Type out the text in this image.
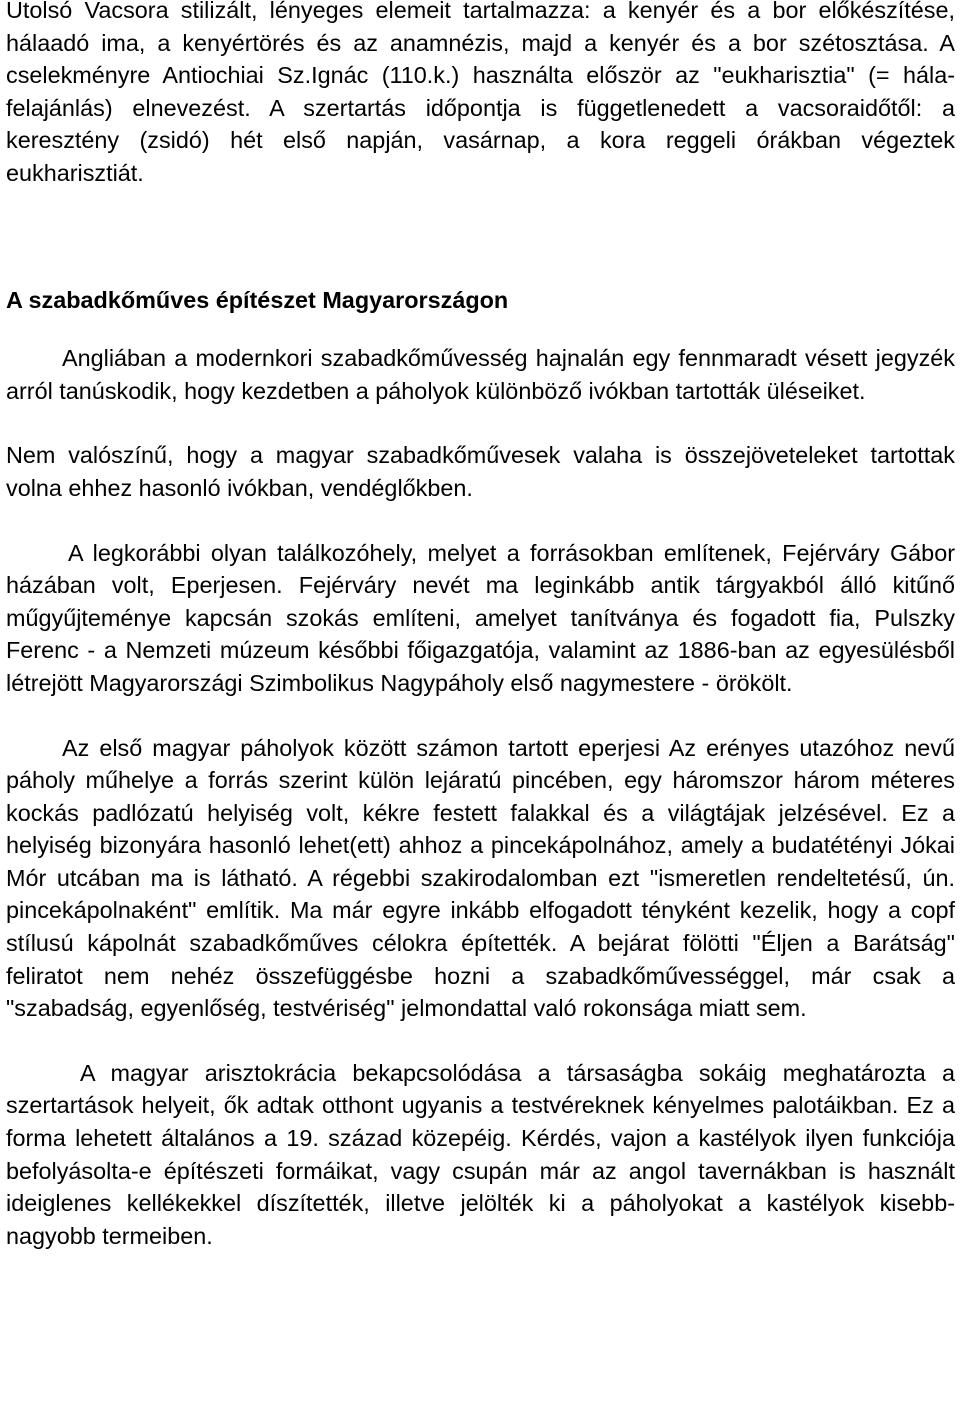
Utolsó Vacsora stilizált, lényeges elemeit tartalmazza: a kenyér és a bor előkészítése, hálaadó ima, a kenyértörés és az anamnézis, majd a kenyér és a bor szétosztása. A cselekményre Antiochiai Sz.Ignác (110.k.) használta először az "eukharisztia" (= hála-felajánlás) elnevezést. A szertartás időpontja is függetlenedett a vacsoraidőtől: a keresztény (zsidó) hét első napján, vasárnap, a kora reggeli órákban végeztek eukharisztiát.

A szabadkőműves építészet Magyarországon

Angliában a modernkori szabadkőművesség hajnalán egy fennmaradt vésett jegyzék arról tanúskodik, hogy kezdetben a páholyok különböző ivókban tartották üléseiket.

Nem valószínű, hogy a magyar szabadkőművesek valaha is összejöveteleket tartottak volna ehhez hasonló ivókban, vendéglőkben.

A legkorábbi olyan találkozóhely, melyet a forrásokban említenek, Fejérváry Gábor házában volt, Eperjesen. Fejérváry nevét ma leginkább antik tárgyakból álló kitűnő műgyűjteménye kapcsán szokás említeni, amelyet tanítványa és fogadott fia, Pulszky Ferenc - a Nemzeti múzeum későbbi főigazgatója, valamint az 1886-ban az egyesülésből létrejött Magyarországi Szimbolikus Nagypáholy első nagymestere - örökölt.

Az első magyar páholyok között számon tartott eperjesi Az erényes utazóhoz nevű páholy műhelye a forrás szerint külön lejáratú pincében, egy háromszor három méteres kockás padlózatú helyiség volt, kékre festett falakkal és a világtájak jelzésével. Ez a helyiség bizonyára hasonló lehet(ett) ahhoz a pincekápolnához, amely a budatétényi Jókai Mór utcában ma is látható. A régebbi szakirodalomban ezt "ismeretlen rendeltetésű, ún. pincekápolnaként" említik. Ma már egyre inkább elfogadott tényként kezelik, hogy a copf stílusú kápolnát szabadkőműves célokra építették. A bejárat fölötti "Éljen a Barátság" feliratot nem nehéz összefüggésbe hozni a szabadkőművességgel, már csak a "szabadság, egyenlőség, testvériség" jelmondattal való rokonsága miatt sem.

A magyar arisztokrácia bekapcsolódása a társaságba sokáig meghatározta a szertartások helyeit, ők adtak otthont ugyanis a testvéreknek kényelmes palotáikban. Ez a forma lehetett általános a 19. század közepéig. Kérdés, vajon a kastélyok ilyen funkciója befolyásolta-e építészeti formáikat, vagy csupán már az angol tavernákban is használt ideiglenes kellékekkel díszítették, illetve jelölték ki a páholyokat a kastélyok kisebb-nagyobb termeiben.
